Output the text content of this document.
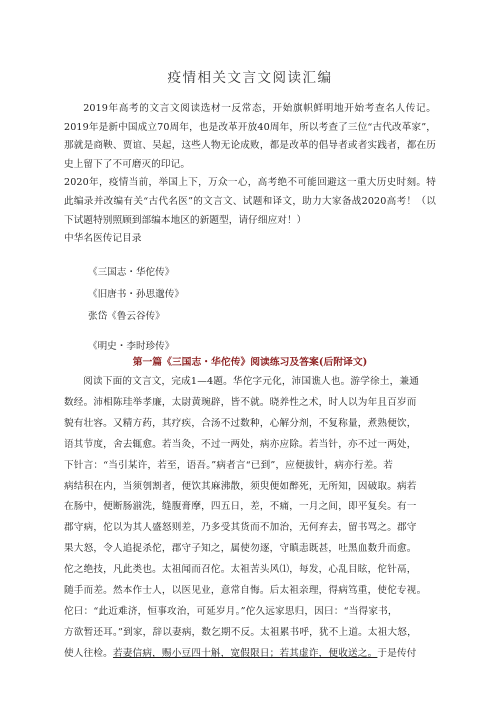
疫情相关文言文阅读汇编

2019年高考的文言文阅读选材一反常态，开始旗帜鲜明地开始考查名人传记。2019年是新中国成立70周年，也是改革开放40周年，所以考查了三位“古代改革家”，那就是商鞅、贾谊、吴起，这些人物无论成败，都是改革的倡导者或者实践者，都在历史上留下了不可磨灭的印记。

2020年，疫情当前，举国上下，万众一心，高考绝不可能回避这一重大历史时刻。特此编录并改编有关“古代名医”的文言文、试题和译文，助力大家备战2020高考！（以下试题特别照顾到部编本地区的新题型，请仔细应对！）

中华名医传记目录

《三国志・华佗传》

《旧唐书・孙思邈传》

张岱《鲁云谷传》

《明史・李时珍传》

第一篇《三国志・华佗传》阅读练习及答案(后附译文)

阅读下面的文言文，完成1—4题。华佗字元化，沛国谯人也。游学徐土，兼通

数经。沛相陈珪举孝廉，太尉黄琬辟，皆不就。晓养性之术，时人以为年且百岁而

貌有壮容。又精方药，其疗疾，合汤不过数种，心解分剂，不复称量，煮熟便饮，

语其节度，舍去辄愈。若当灸，不过一两处，病亦应除。若当针，亦不过一两处，

下针言：“当引某许，若至，语吾。”病者言“已到”，应便拔针，病亦行差。若

病结积在内，当须刳割者，便饮其麻沸散，须臾便如醉死，无所知，因破取。病若

在肠中，便断肠湔洗，缝腹膏摩，四五日，差，不痛，一月之间，即平复矣。有一

郡守病，佗以为其人盛怒则差，乃多受其货而不加治，无何弃去，留书骂之。郡守

果大怒，令人追捉杀佗，郡守子知之，属使勿逐，守瞋恚既甚，吐黑血数升而愈。

佗之绝技，凡此类也。太祖闻而召佗。太祖苦头风⑴，每发，心乱目眩，佗针鬲，

随手而差。然本作士人，以医见业，意常自悔。后太祖亲理，得病笃重，使佗专视。

佗曰：“此近难济，恒事攻治，可延岁月。”佗久远家思归，因曰：“当得家书，

方欲暂还耳。”到家，辞以妻病，数乞期不反。太祖累书呼，犹不上道。太祖大怒，

使人往检。若妻信病，赐小豆四十斛，宽假限日；若其虚诈，便收送之。于是传付
